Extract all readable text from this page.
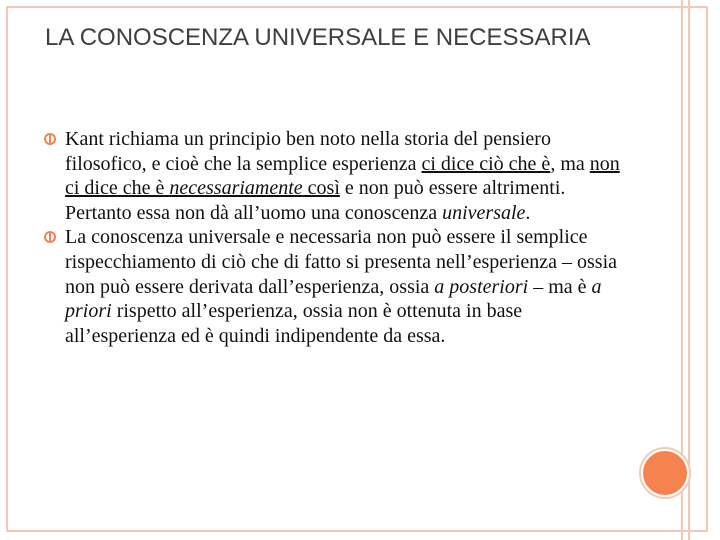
LA CONOSCENZA UNIVERSALE E NECESSARIA
Kant richiama un principio ben noto nella storia del pensiero filosofico, e cioè che la semplice esperienza ci dice ciò che è, ma non ci dice che è necessariamente così e non può essere altrimenti. Pertanto essa non dà all’uomo una conoscenza universale.
La conoscenza universale e necessaria non può essere il semplice rispecchiamento di ciò che di fatto si presenta nell’esperienza – ossia non può essere derivata dall’esperienza, ossia a posteriori – ma è a priori rispetto all’esperienza, ossia non è ottenuta in base all’esperienza ed è quindi indipendente da essa.
